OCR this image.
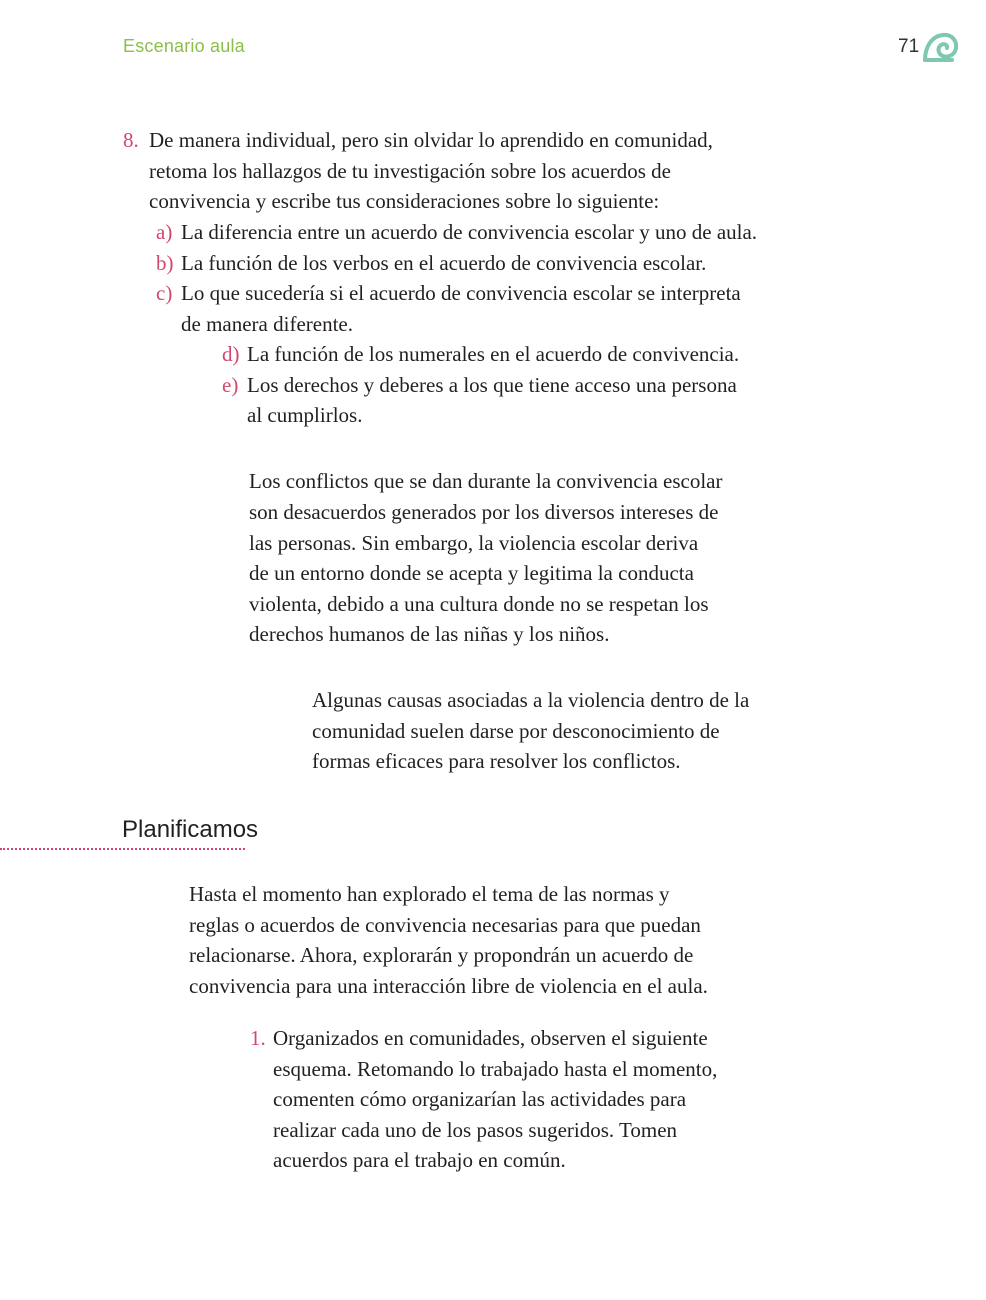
Escenario aula	71
8. De manera individual, pero sin olvidar lo aprendido en comunidad,
retoma los hallazgos de tu investigación sobre los acuerdos de
convivencia y escribe tus consideraciones sobre lo siguiente:
a) La diferencia entre un acuerdo de convivencia escolar y uno de aula.
b) La función de los verbos en el acuerdo de convivencia escolar.
c) Lo que sucedería si el acuerdo de convivencia escolar se interpreta
de manera diferente.
d) La función de los numerales en el acuerdo de convivencia.
e) Los derechos y deberes a los que tiene acceso una persona
al cumplirlos.
Los conflictos que se dan durante la convivencia escolar
son desacuerdos generados por los diversos intereses de
las personas. Sin embargo, la violencia escolar deriva
de un entorno donde se acepta y legitima la conducta
violenta, debido a una cultura donde no se respetan los
derechos humanos de las niñas y los niños.
Algunas causas asociadas a la violencia dentro de la
comunidad suelen darse por desconocimiento de
formas eficaces para resolver los conflictos.
Planificamos
Hasta el momento han explorado el tema de las normas y
reglas o acuerdos de convivencia necesarias para que puedan
relacionarse. Ahora, explorarán y propondrán un acuerdo de
convivencia para una interacción libre de violencia en el aula.
1. Organizados en comunidades, observen el siguiente
esquema. Retomando lo trabajado hasta el momento,
comenten cómo organizarían las actividades para
realizar cada uno de los pasos sugeridos. Tomen
acuerdos para el trabajo en común.
